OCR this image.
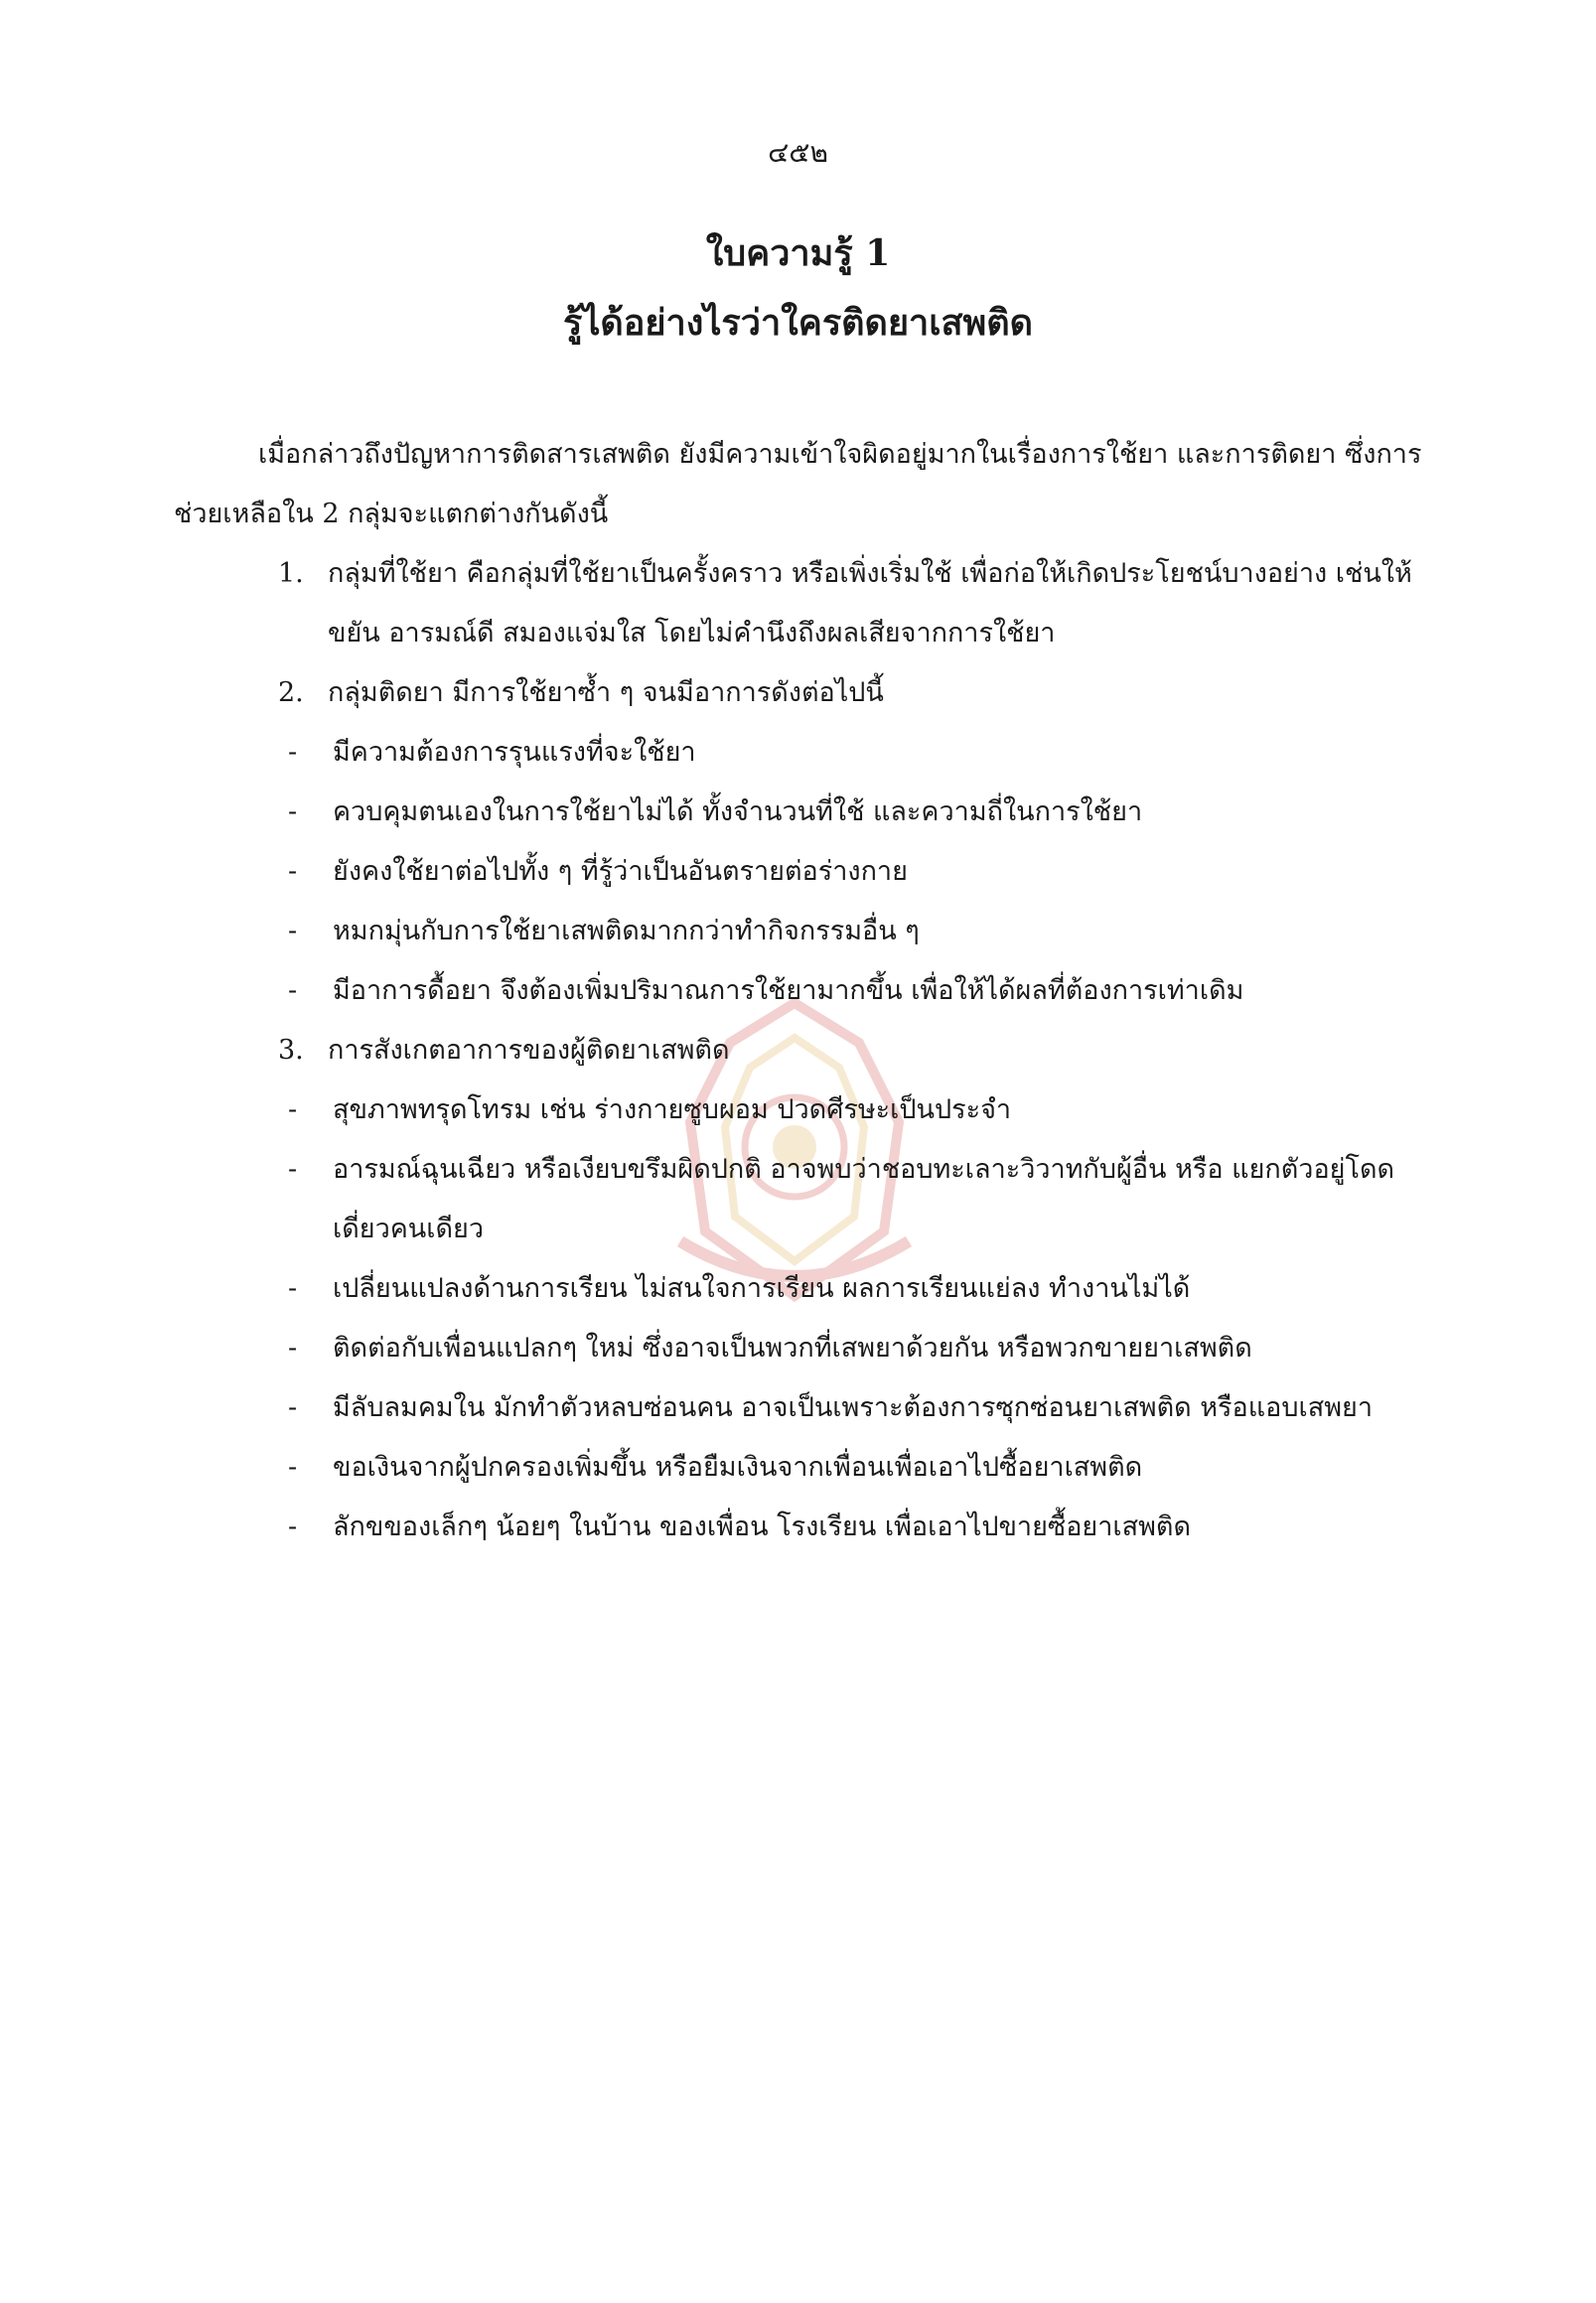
๔๕๒
ใบความรู้ 1
รู้ได้อย่างไรว่าใครติดยาเสพติด

เมื่อกล่าวถึงปัญหาการติดสารเสพติด ยังมีความเข้าใจผิดอยู่มากในเรื่องการใช้ยา และการติดยา ซึ่งการ

ช่วยเหลือใน 2 กลุ่มจะแตกต่างกันดังนี้

1. กลุ่มที่ใช้ยา คือกลุ่มที่ใช้ยาเป็นครั้งคราว หรือเพิ่งเริ่มใช้ เพื่อก่อให้เกิดประโยชน์บางอย่าง เช่นให้ขยัน อารมณ์ดี สมองแจ่มใส โดยไม่คำนึงถึงผลเสียจากการใช้ยา
2. กลุ่มติดยา มีการใช้ยาซ้ำ ๆ จนมีอาการดังต่อไปนี้
- มีความต้องการรุนแรงที่จะใช้ยา
- ควบคุมตนเองในการใช้ยาไม่ได้ ทั้งจำนวนที่ใช้ และความถี่ในการใช้ยา
- ยังคงใช้ยาต่อไปทั้ง ๆ ที่รู้ว่าเป็นอันตรายต่อร่างกาย
- หมกมุ่นกับการใช้ยาเสพติดมากกว่าทำกิจกรรมอื่น ๆ
- มีอาการดื้อยา จึงต้องเพิ่มปริมาณการใช้ยามากขึ้น เพื่อให้ได้ผลที่ต้องการเท่าเดิม
3. การสังเกตอาการของผู้ติดยาเสพติด
- สุขภาพทรุดโทรม เช่น ร่างกายซูบผอม ปวดศีรษะเป็นประจำ
- อารมณ์ฉุนเฉียว หรือเงียบขรึมผิดปกติ อาจพบว่าชอบทะเลาะวิวาทกับผู้อื่น หรือ แยกตัวอยู่โดดเดี่ยวคนเดียว
- เปลี่ยนแปลงด้านการเรียน ไม่สนใจการเรียน ผลการเรียนแย่ลง ทำงานไม่ได้
- ติดต่อกับเพื่อนแปลกๆ ใหม่ ซึ่งอาจเป็นพวกที่เสพยาด้วยกัน หรือพวกขายยาเสพติด
- มีลับลมคมใน มักทำตัวหลบซ่อนคน อาจเป็นเพราะต้องการซุกซ่อนยาเสพติด หรือแอบเสพยา
- ขอเงินจากผู้ปกครองเพิ่มขึ้น หรือยืมเงินจากเพื่อนเพื่อเอาไปซื้อยาเสพติด
- ลักขของเล็กๆ น้อยๆ ในบ้าน ของเพื่อน โรงเรียน เพื่อเอาไปขายซื้อยาเสพติด
